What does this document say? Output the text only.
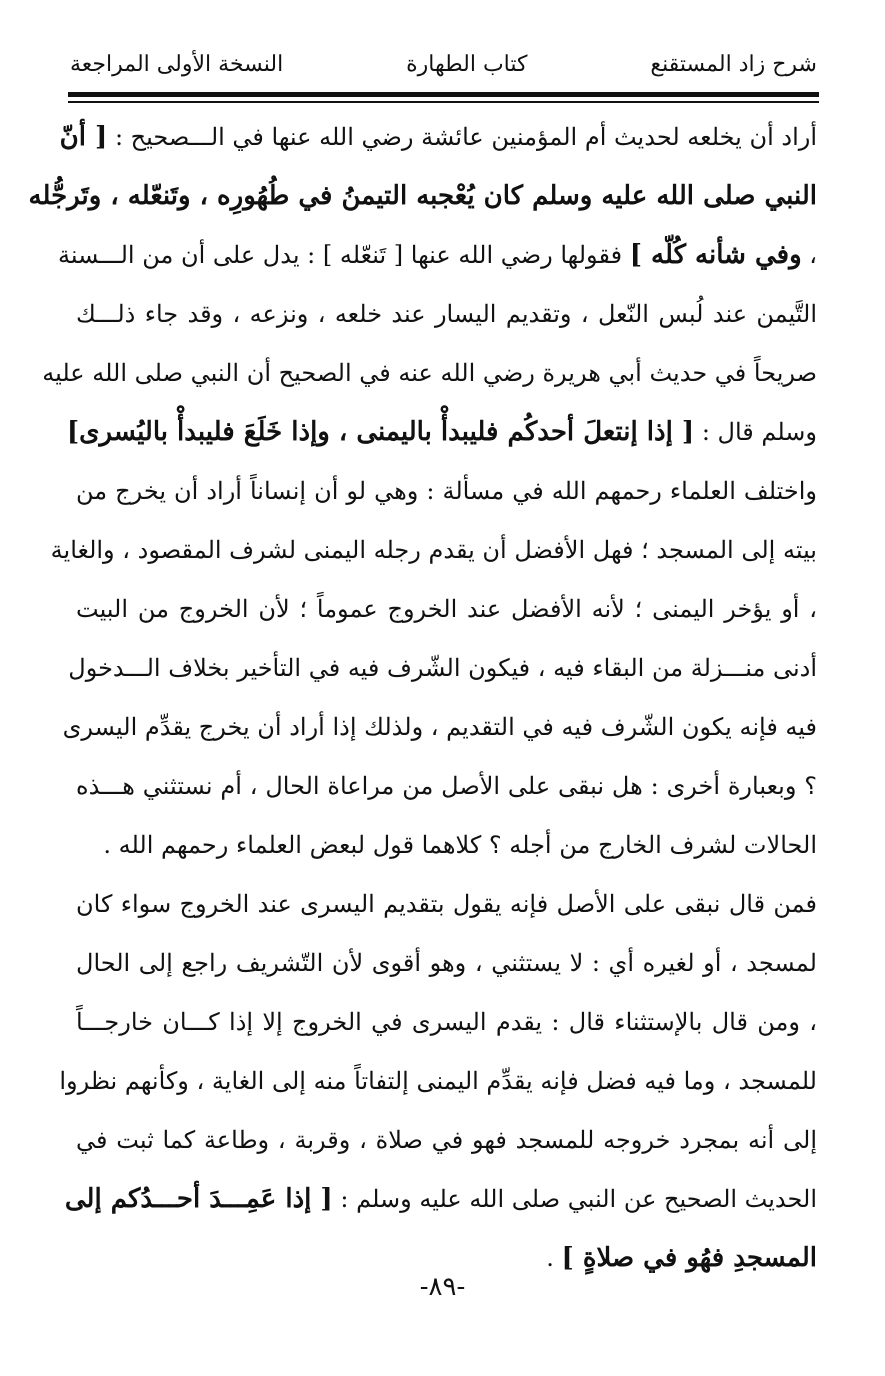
شرح زاد المستقنع
كتاب الطهارة
النسخة الأولى المراجعة
أراد أن يخلعه لحديث أم المؤمنين عائشة رضي الله عنها في الـــصحيح : [ أنّ
النبي صلى الله عليه وسلم كان يُعْجبه التيمنُ في طُهُورِه ، وتَنعّله ، وتَرجُّله
، وفي شأنه كُلّه ] فقولها رضي الله عنها [ تَنعّله ] : يدل على أن من الـــسنة
التَّيمن عند لُبس النّعل ، وتقديم اليسار عند خلعه ، ونزعه ، وقد جاء ذلـــك
صريحاً في حديث أبي هريرة رضي الله عنه في الصحيح أن النبي صلى الله عليه
وسلم قال : [ إذا إنتعلَ أحدكُم فليبدأْ باليمنى ، وإذا خَلَعَ فليبدأْ باليُسرى]
واختلف العلماء رحمهم الله في مسألة : وهي لو أن إنساناً أراد أن يخرج من
بيته إلى المسجد ؛ فهل الأفضل أن يقدم رجله اليمنى لشرف المقصود ، والغاية
، أو يؤخر اليمنى ؛ لأنه الأفضل عند الخروج عموماً ؛ لأن الخروج من البيت
أدنى منـــزلة من البقاء فيه ، فيكون الشّرف فيه في التأخير بخلاف الـــدخول
فيه فإنه يكون الشّرف فيه في التقديم ، ولذلك إذا أراد أن يخرج يقدِّم اليسرى
؟ وبعبارة أخرى : هل نبقى على الأصل من مراعاة الحال ، أم نستثني هـــذه
الحالات لشرف الخارج من أجله ؟ كلاهما قول لبعض العلماء رحمهم الله .
فمن قال نبقى على الأصل فإنه يقول بتقديم اليسرى عند الخروج سواء كان
لمسجد ، أو لغيره أي : لا يستثني ، وهو أقوى لأن التّشريف راجع إلى الحال
، ومن قال بالإستثناء قال : يقدم اليسرى في الخروج إلا إذا كـــان خارجـــاً
للمسجد ، وما فيه فضل فإنه يقدِّم اليمنى إلتفاتاً منه إلى الغاية ، وكأنهم نظروا
إلى أنه بمجرد خروجه للمسجد فهو في صلاة ، وقربة ، وطاعة كما ثبت في
الحديث الصحيح عن النبي صلى الله عليه وسلم : [ إذا عَمِـــدَ أحـــدُكم إلى
المسجدِ فهُو في صلاةٍ ] .
-٨٩-
